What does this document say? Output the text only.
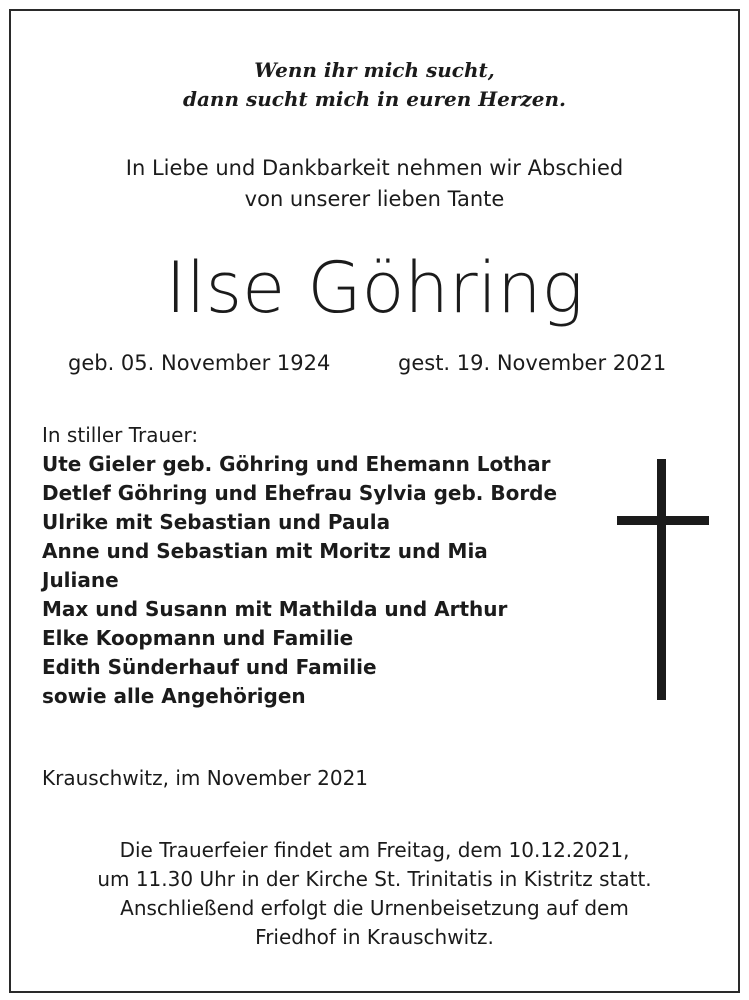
Wenn ihr mich sucht,
dann sucht mich in euren Herzen.
In Liebe und Dankbarkeit nehmen wir Abschied
von unserer lieben Tante
Ilse Göhring
geb. 05. November 1924	gest. 19. November 2021
In stiller Trauer:
Ute Gieler geb. Göhring und Ehemann Lothar
Detlef Göhring und Ehefrau Sylvia geb. Borde
Ulrike mit Sebastian und Paula
Anne und Sebastian mit Moritz und Mia
Juliane
Max und Susann mit Mathilda und Arthur
Elke Koopmann und Familie
Edith Sünderhauf und Familie
sowie alle Angehörigen
Krauschwitz, im November 2021
Die Trauerfeier findet am Freitag, dem 10.12.2021,
um 11.30 Uhr in der Kirche St. Trinitatis in Kistritz statt.
Anschließend erfolgt die Urnenbeisetzung auf dem
Friedhof in Krauschwitz.
